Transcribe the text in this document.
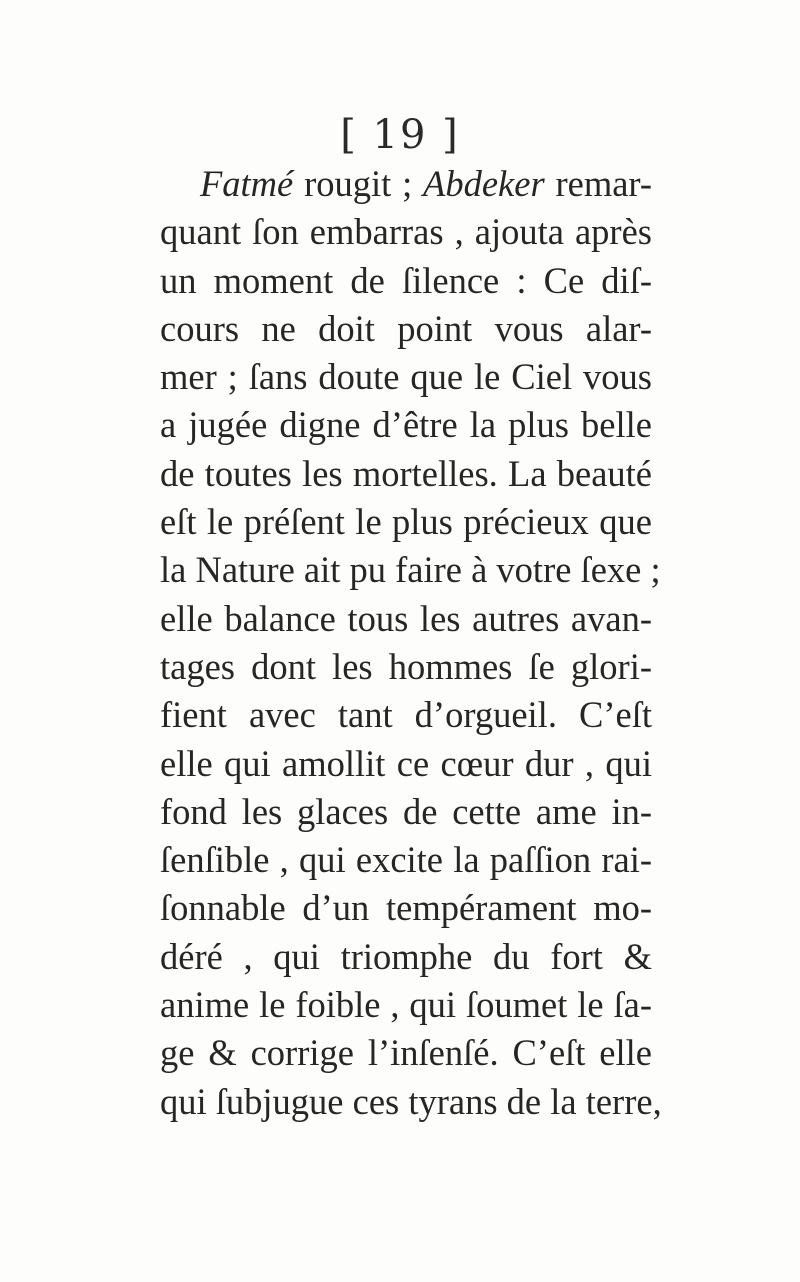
[ 19 ]
Fatmé rougit ; Abdeker remar-
quant ſon embarras , ajouta après
un moment de ſilence : Ce diſ-
cours ne doit point vous alar-
mer ; ſans doute que le Ciel vous
a jugée digne d’être la plus belle
de toutes les mortelles. La beauté
eſt le préſent le plus précieux que
la Nature ait pu faire à votre ſexe ;
elle balance tous les autres avan-
tages dont les hommes ſe glori-
fient avec tant d’orgueil. C’eſt
elle qui amollit ce cœur dur , qui
fond les glaces de cette ame in-
ſenſible , qui excite la paſſion rai-
ſonnable d’un tempérament mo-
déré , qui triomphe du fort &
anime le foible , qui ſoumet le ſa-
ge & corrige l’inſenſé. C’eſt elle
qui ſubjugue ces tyrans de la terre,
